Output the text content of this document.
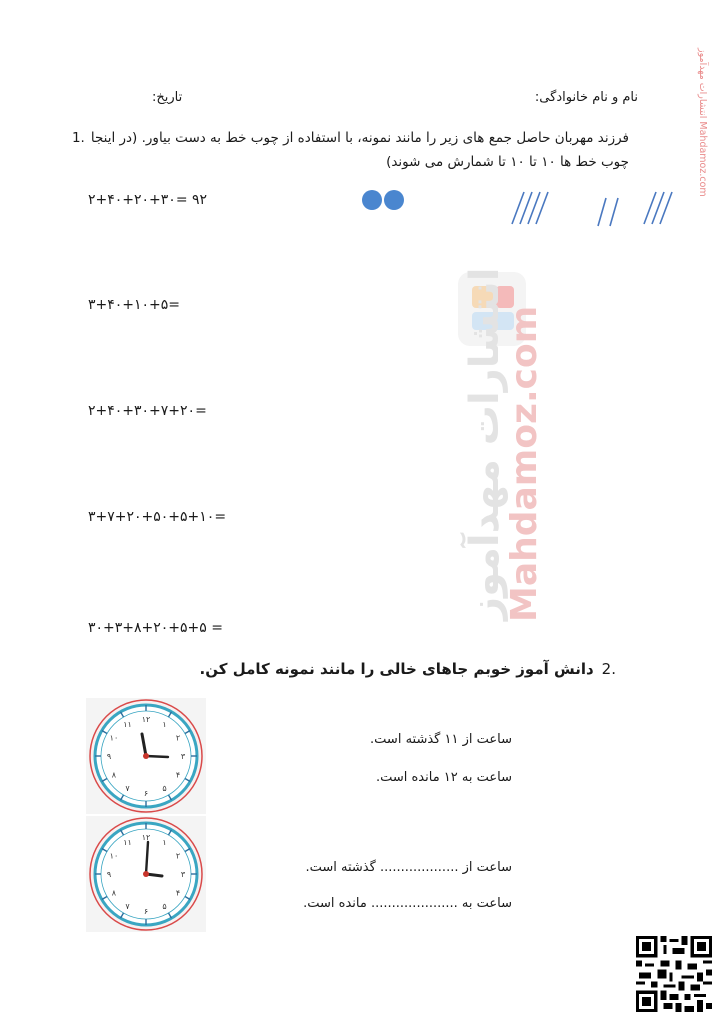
انتشارات مهدآموز Mahdamoz.com
انتشارات مهدآموز
Mahdamoz.com
نام و نام خانوادگی:
تاریخ:
فرزند مهربان حاصل جمع های زیر را مانند نمونه، با استفاده از چوب خط به دست بیاور. (در اینجا.1
چوب خط ها ۱۰ تا ۱۰ تا شمارش می شوند)
۲+۴۰+۲۰+۳۰= ۹۲
۳+۴۰+۱۰+۵=
۲+۴۰+۳۰+۷+۲۰=
۳+۷+۲۰+۵۰+۵+۱۰=
۳۰+۳+۸+۲۰+۵+۵ =
.2دانش آموز خوبم جاهای خالی را مانند نمونه کامل کن.
۱۲
۱
۲
۳
۴
۵
۶
۷
۸
۹
۱۰
۱۱
ساعت از ۱۱ گذشته است.
ساعت به ۱۲ مانده است.
۱۲
۱
۲
۳
۴
۵
۶
۷
۸
۹
۱۰
۱۱
ساعت از ................... گذشته است.
ساعت به ..................... مانده است.
